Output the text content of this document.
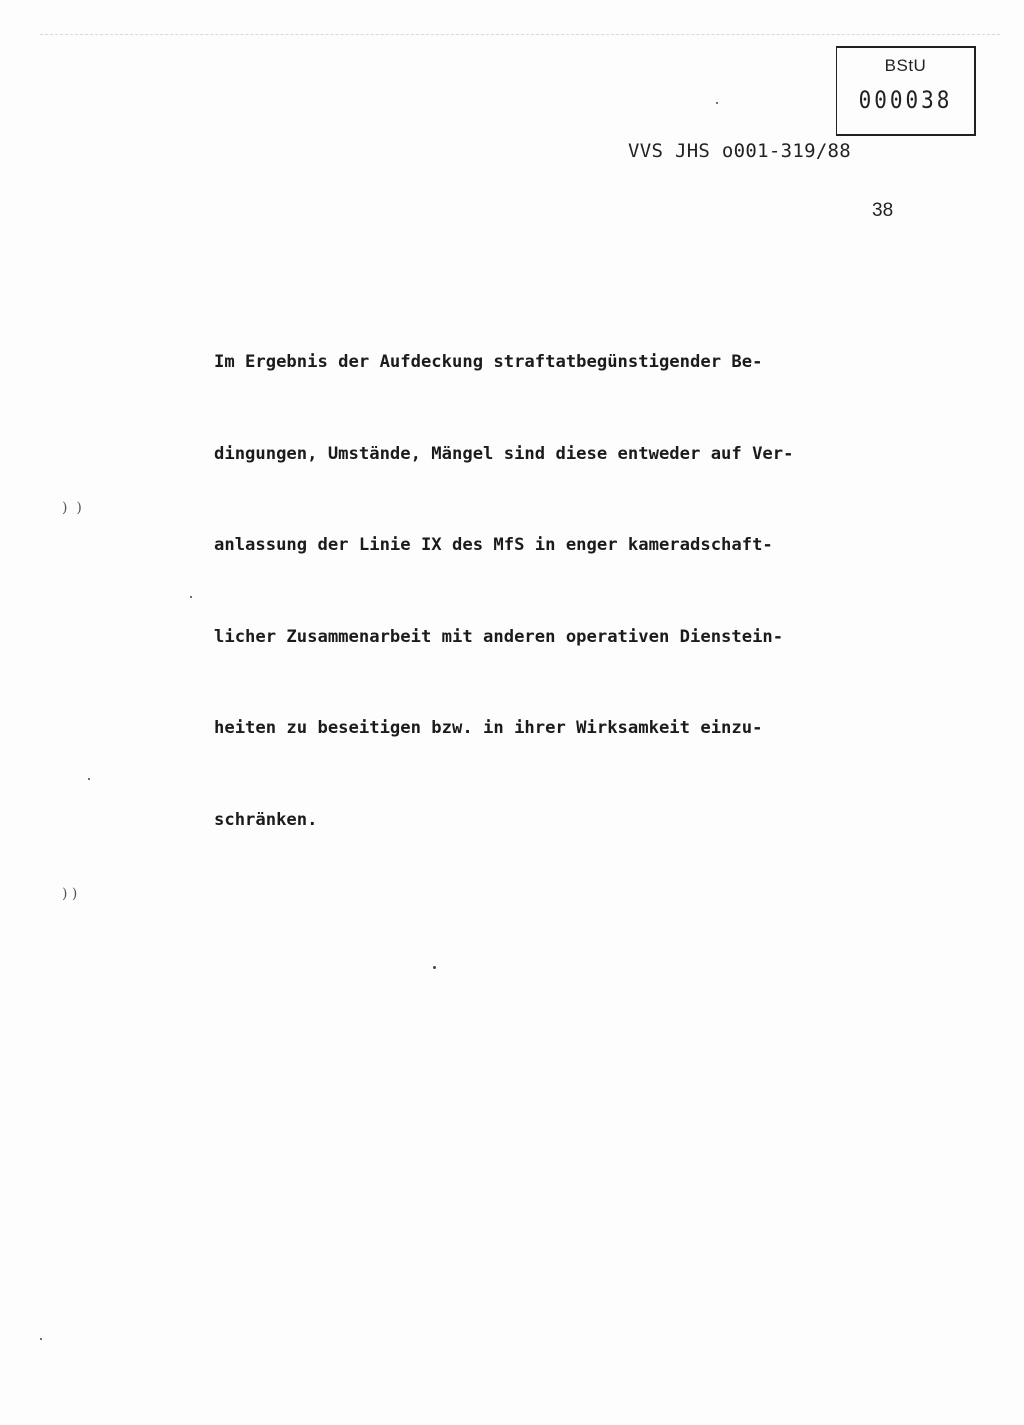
BStU
000038
VVS JHS o001-319/88
38

Im Ergebnis der Aufdeckung straftatbegünstigender Be-

dingungen, Umstände, Mängel sind diese entweder auf Ver-

anlassung der Linie IX des MfS in enger kameradschaft-

licher Zusammenarbeit mit anderen operativen Dienstein-

heiten zu beseitigen bzw. in ihrer Wirksamkeit einzu-

schränken.

)  )
) )
